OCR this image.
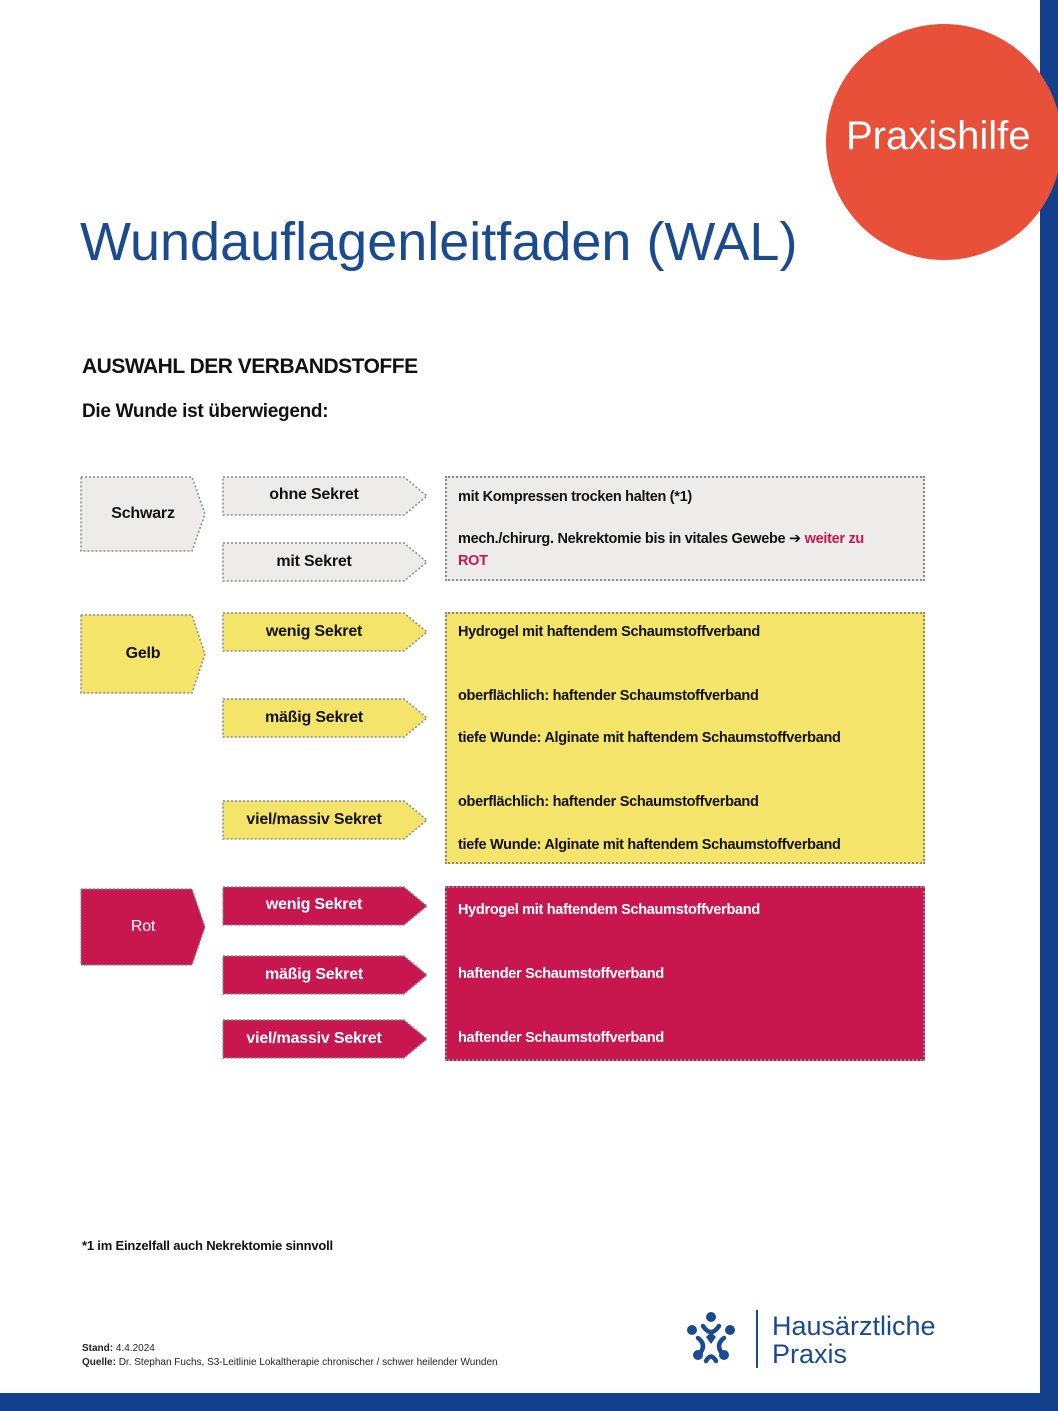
Praxishilfe
Wundauflagenleitfaden (WAL)
AUSWAHL DER VERBANDSTOFFE
Die Wunde ist überwiegend:
Schwarz
ohne Sekret
mit Sekret
mit Kompressen trocken halten (*1)
mech./chirurg. Nekrektomie bis in vitales Gewebe ➔ weiter zu
ROT
Gelb
wenig Sekret
mäßig Sekret
viel/massiv Sekret
Hydrogel mit haftendem Schaumstoffverband
oberflächlich: haftender Schaumstoffverband
tiefe Wunde: Alginate mit haftendem Schaumstoffverband
oberflächlich: haftender Schaumstoffverband
tiefe Wunde: Alginate mit haftendem Schaumstoffverband
Rot
wenig Sekret
mäßig Sekret
viel/massiv Sekret
Hydrogel mit haftendem Schaumstoffverband
haftender Schaumstoffverband
haftender Schaumstoffverband
*1 im Einzelfall auch Nekrektomie sinnvoll
Stand: 4.4.2024
Quelle: Dr. Stephan Fuchs, S3-Leitlinie Lokaltherapie chronischer / schwer heilender Wunden
Hausärztliche
Praxis
